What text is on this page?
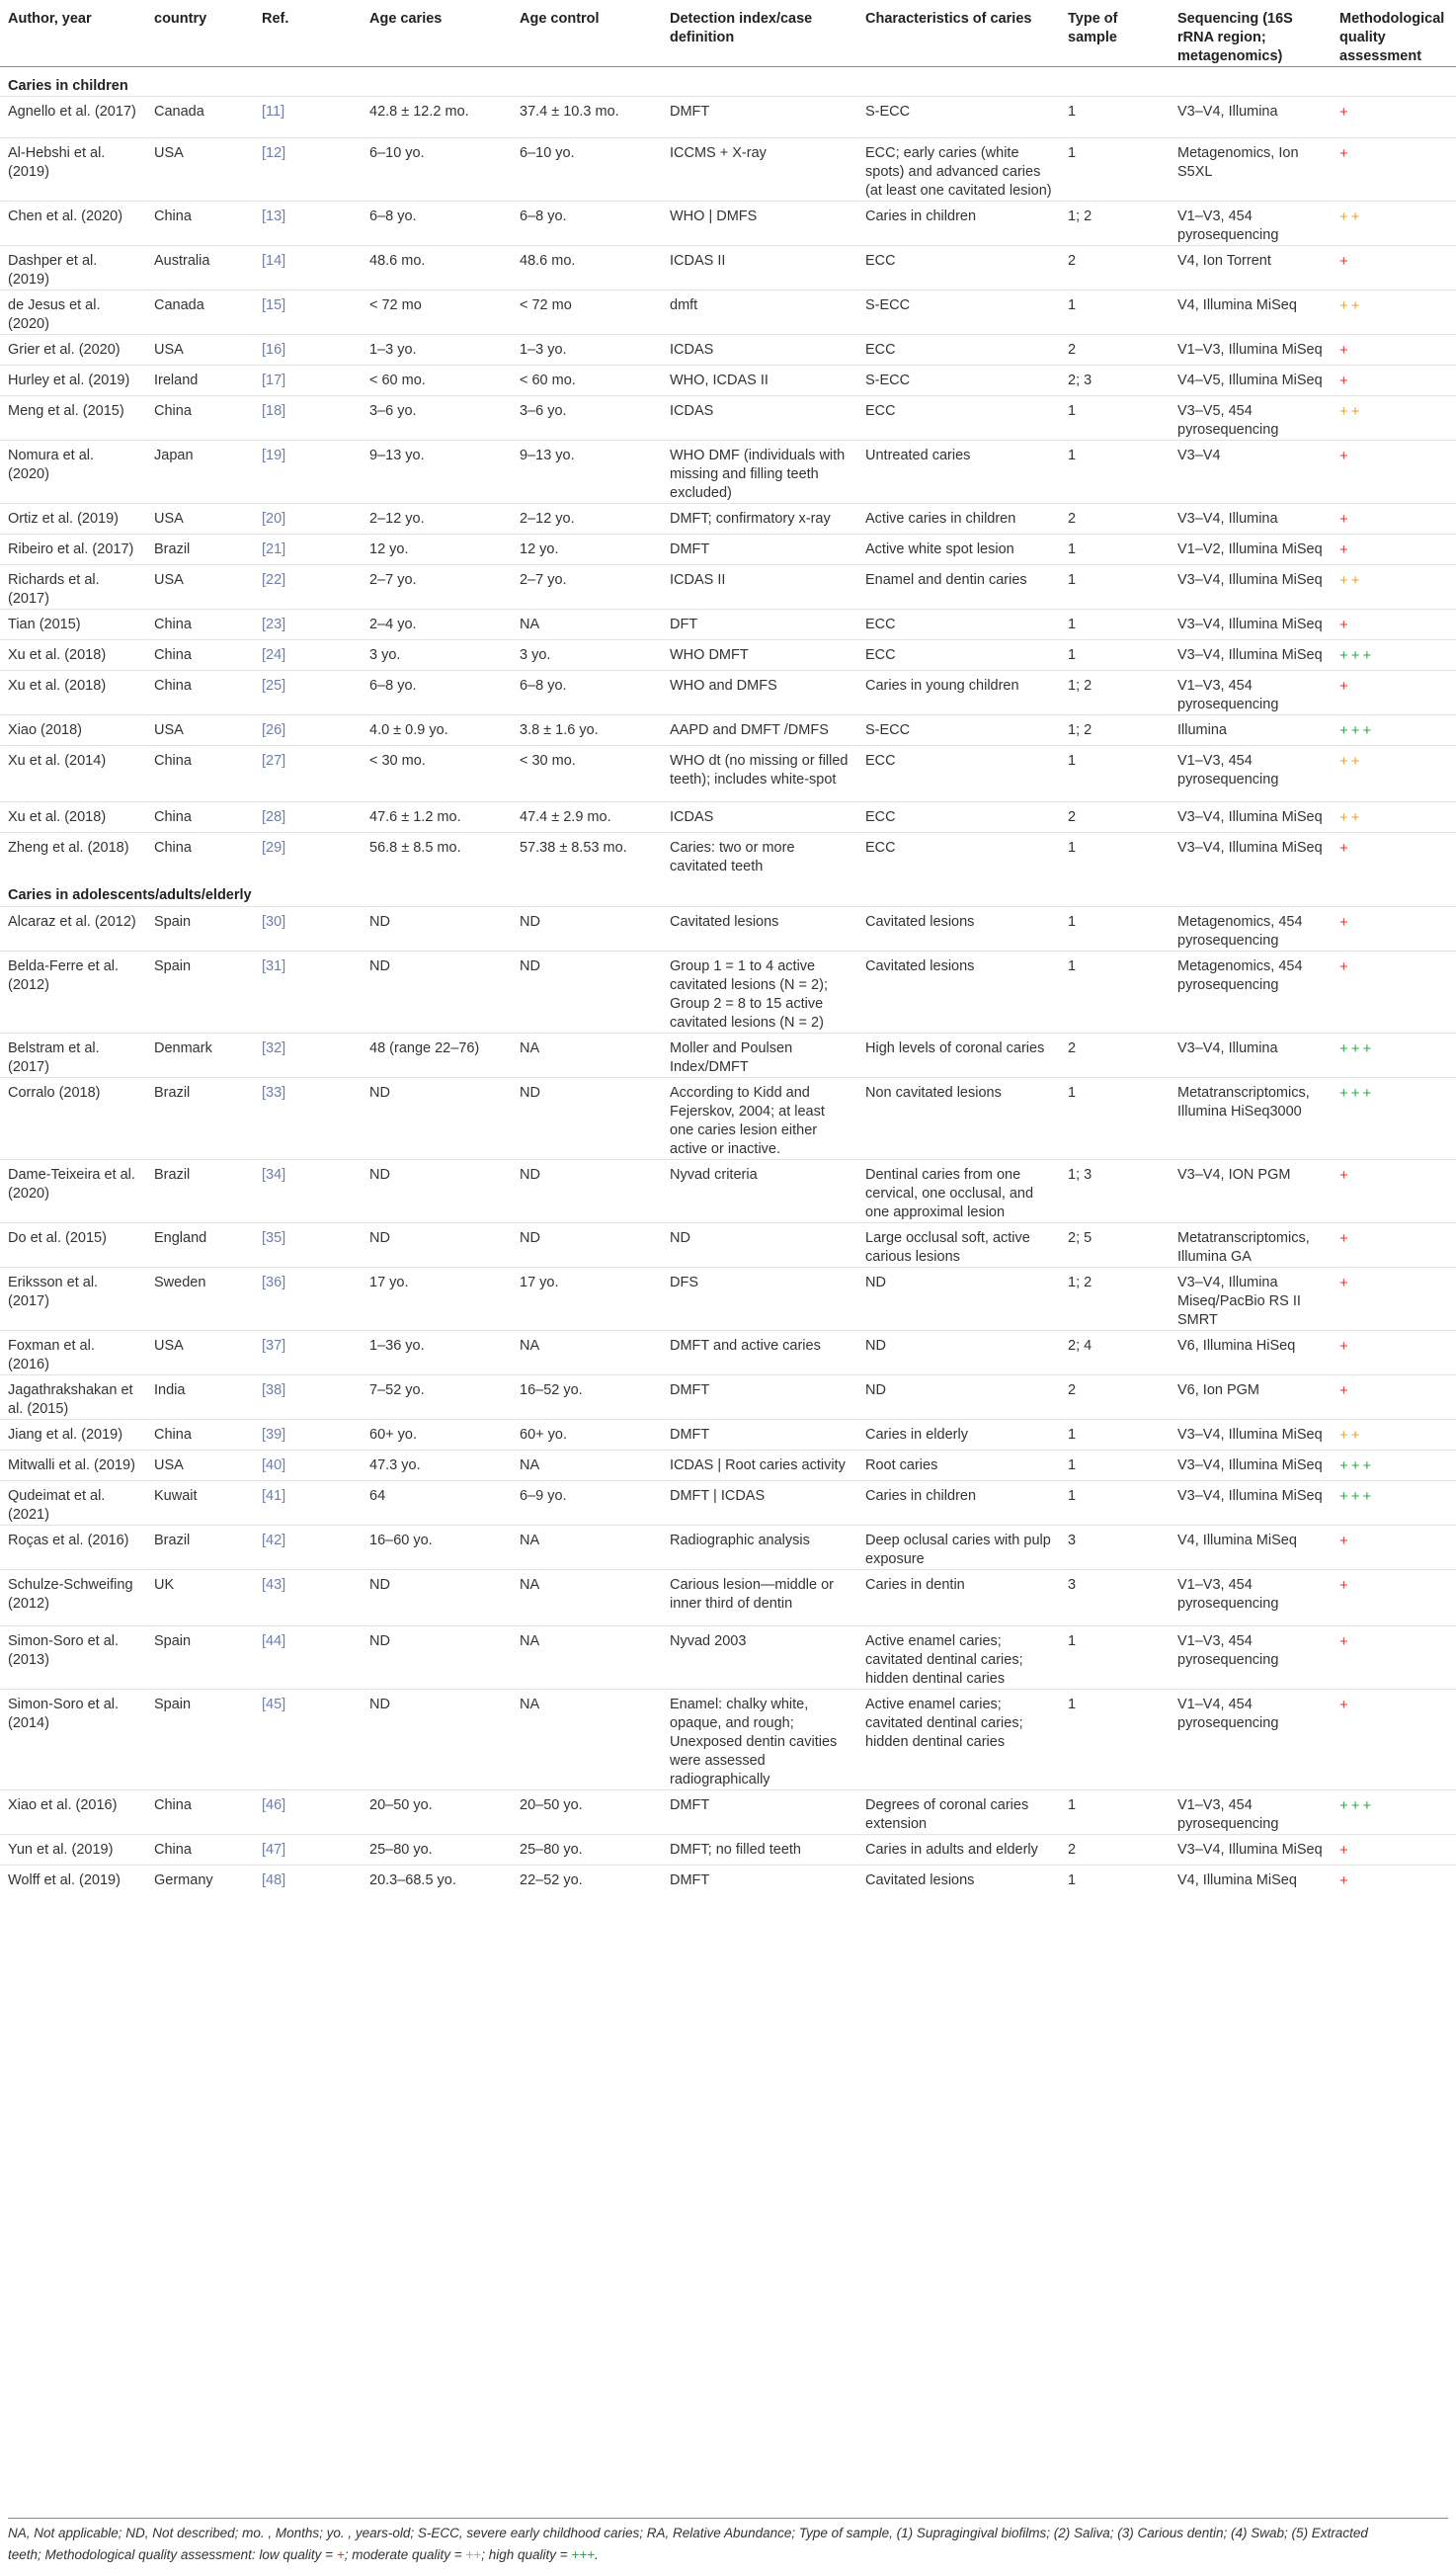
Author, year	country	Ref.	Age caries	Age control	Detection index/case definition	Characteristics of caries	Type of sample	Sequencing (16S rRNA region; metagenomics)	Methodological quality assessment
Caries in children									
Agnello et al. (2017)	Canada	[11]	42.8 ± 12.2 mo.	37.4 ± 10.3 mo.	DMFT	S-ECC	1	V3–V4, Illumina	+
Al-Hebshi et al. (2019)	USA	[12]	6–10 yo.	6–10 yo.	ICCMS + X-ray	ECC; early caries (white spots) and advanced caries (at least one cavitated lesion)	1	Metagenomics, Ion S5XL	+
Chen et al. (2020)	China	[13]	6–8 yo.	6–8 yo.	WHO | DMFS	Caries in children	1; 2	V1–V3, 454 pyrosequencing	++
Dashper et al. (2019)	Australia	[14]	48.6 mo.	48.6 mo.	ICDAS II	ECC	2	V4, Ion Torrent	+
de Jesus et al. (2020)	Canada	[15]	< 72 mo	< 72 mo	dmft	S-ECC	1	V4, Illumina MiSeq	++
Grier et al. (2020)	USA	[16]	1–3 yo.	1–3 yo.	ICDAS	ECC	2	V1–V3, Illumina MiSeq	+
Hurley et al. (2019)	Ireland	[17]	< 60 mo.	< 60 mo.	WHO, ICDAS II	S-ECC	2; 3	V4–V5, Illumina MiSeq	+
Meng et al. (2015)	China	[18]	3–6 yo.	3–6 yo.	ICDAS	ECC	1	V3–V5, 454 pyrosequencing	++
Nomura et al. (2020)	Japan	[19]	9–13 yo.	9–13 yo.	WHO DMF (individuals with missing and filling teeth excluded)	Untreated caries	1	V3–V4	+
Ortiz et al. (2019)	USA	[20]	2–12 yo.	2–12 yo.	DMFT; confirmatory x-ray	Active caries in children	2	V3–V4, Illumina	+
Ribeiro et al. (2017)	Brazil	[21]	12 yo.	12 yo.	DMFT	Active white spot lesion	1	V1–V2, Illumina MiSeq	+
Richards et al. (2017)	USA	[22]	2–7 yo.	2–7 yo.	ICDAS II	Enamel and dentin caries	1	V3–V4, Illumina MiSeq	++
Tian (2015)	China	[23]	2–4 yo.	NA	DFT	ECC	1	V3–V4, Illumina MiSeq	+
Xu et al. (2018)	China	[24]	3 yo.	3 yo.	WHO DMFT	ECC	1	V3–V4, Illumina MiSeq	+++
Xu et al. (2018)	China	[25]	6–8 yo.	6–8 yo.	WHO and DMFS	Caries in young children	1; 2	V1–V3, 454 pyrosequencing	+
Xiao (2018)	USA	[26]	4.0 ± 0.9 yo.	3.8 ± 1.6 yo.	AAPD and DMFT /DMFS	S-ECC	1; 2	Illumina	+++
Xu et al. (2014)	China	[27]	< 30 mo.	< 30 mo.	WHO dt (no missing or filled teeth); includes white-spot	ECC	1	V1–V3, 454 pyrosequencing	++
Xu et al. (2018)	China	[28]	47.6 ± 1.2 mo.	47.4 ± 2.9 mo.	ICDAS	ECC	2	V3–V4, Illumina MiSeq	++
Zheng et al. (2018)	China	[29]	56.8 ± 8.5 mo.	57.38 ± 8.53 mo.	Caries: two or more cavitated teeth	ECC	1	V3–V4, Illumina MiSeq	+
Caries in adolescents/adults/elderly									
Alcaraz et al. (2012)	Spain	[30]	ND	ND	Cavitated lesions	Cavitated lesions	1	Metagenomics, 454 pyrosequencing	+
Belda-Ferre et al. (2012)	Spain	[31]	ND	ND	Group 1 = 1 to 4 active cavitated lesions (N = 2); Group 2 = 8 to 15 active cavitated lesions (N = 2)	Cavitated lesions	1	Metagenomics, 454 pyrosequencing	+
Belstram et al. (2017)	Denmark	[32]	48 (range 22–76)	NA	Moller and Poulsen Index/DMFT	High levels of coronal caries	2	V3–V4, Illumina	+++
Corralo (2018)	Brazil	[33]	ND	ND	According to Kidd and Fejerskov, 2004; at least one caries lesion either active or inactive.	Non cavitated lesions	1	Metatranscriptomics, Illumina HiSeq3000	+++
Dame-Teixeira et al. (2020)	Brazil	[34]	ND	ND	Nyvad criteria	Dentinal caries from one cervical, one occlusal, and one approximal lesion	1; 3	V3–V4, ION PGM	+
Do et al. (2015)	England	[35]	ND	ND	ND	Large occlusal soft, active carious lesions	2; 5	Metatranscriptomics, Illumina GA	+
Eriksson et al. (2017)	Sweden	[36]	17 yo.	17 yo.	DFS	ND	1; 2	V3–V4, Illumina Miseq/PacBio RS II SMRT	+
Foxman et al. (2016)	USA	[37]	1–36 yo.	NA	DMFT and active caries	ND	2; 4	V6, Illumina HiSeq	+
Jagathrakshakan et al. (2015)	India	[38]	7–52 yo.	16–52 yo.	DMFT	ND	2	V6, Ion PGM	+
Jiang et al. (2019)	China	[39]	60+ yo.	60+ yo.	DMFT	Caries in elderly	1	V3–V4, Illumina MiSeq	++
Mitwalli et al. (2019)	USA	[40]	47.3 yo.	NA	ICDAS | Root caries activity	Root caries	1	V3–V4, Illumina MiSeq	+++
Qudeimat et al. (2021)	Kuwait	[41]	64	6–9 yo.	DMFT | ICDAS	Caries in children	1	V3–V4, Illumina MiSeq	+++
Roças et al. (2016)	Brazil	[42]	16–60 yo.	NA	Radiographic analysis	Deep oclusal caries with pulp exposure	3	V4, Illumina MiSeq	+
Schulze-Schweifing (2012)	UK	[43]	ND	NA	Carious lesion—middle or inner third of dentin	Caries in dentin	3	V1–V3, 454 pyrosequencing	+
Simon-Soro et al. (2013)	Spain	[44]	ND	NA	Nyvad 2003	Active enamel caries; cavitated dentinal caries; hidden dentinal caries	1	V1–V3, 454 pyrosequencing	+
Simon-Soro et al. (2014)	Spain	[45]	ND	NA	Enamel: chalky white, opaque, and rough; Unexposed dentin cavities were assessed radiographically	Active enamel caries; cavitated dentinal caries; hidden dentinal caries	1	V1–V4, 454 pyrosequencing	+
Xiao et al. (2016)	China	[46]	20–50 yo.	20–50 yo.	DMFT	Degrees of coronal caries extension	1	V1–V3, 454 pyrosequencing	+++
Yun et al. (2019)	China	[47]	25–80 yo.	25–80 yo.	DMFT; no filled teeth	Caries in adults and elderly	2	V3–V4, Illumina MiSeq	+
Wolff et al. (2019)	Germany	[48]	20.3–68.5 yo.	22–52 yo.	DMFT	Cavitated lesions	1	V4, Illumina MiSeq	+
NA, Not applicable; ND, Not described; mo. , Months; yo. , years-old; S-ECC, severe early childhood caries; RA, Relative Abundance; Type of sample, (1) Supragingival biofilms; (2) Saliva; (3) Carious dentin; (4) Swab; (5) Extracted
teeth; Methodological quality assessment: low quality = +; moderate quality = ++; high quality = +++.
